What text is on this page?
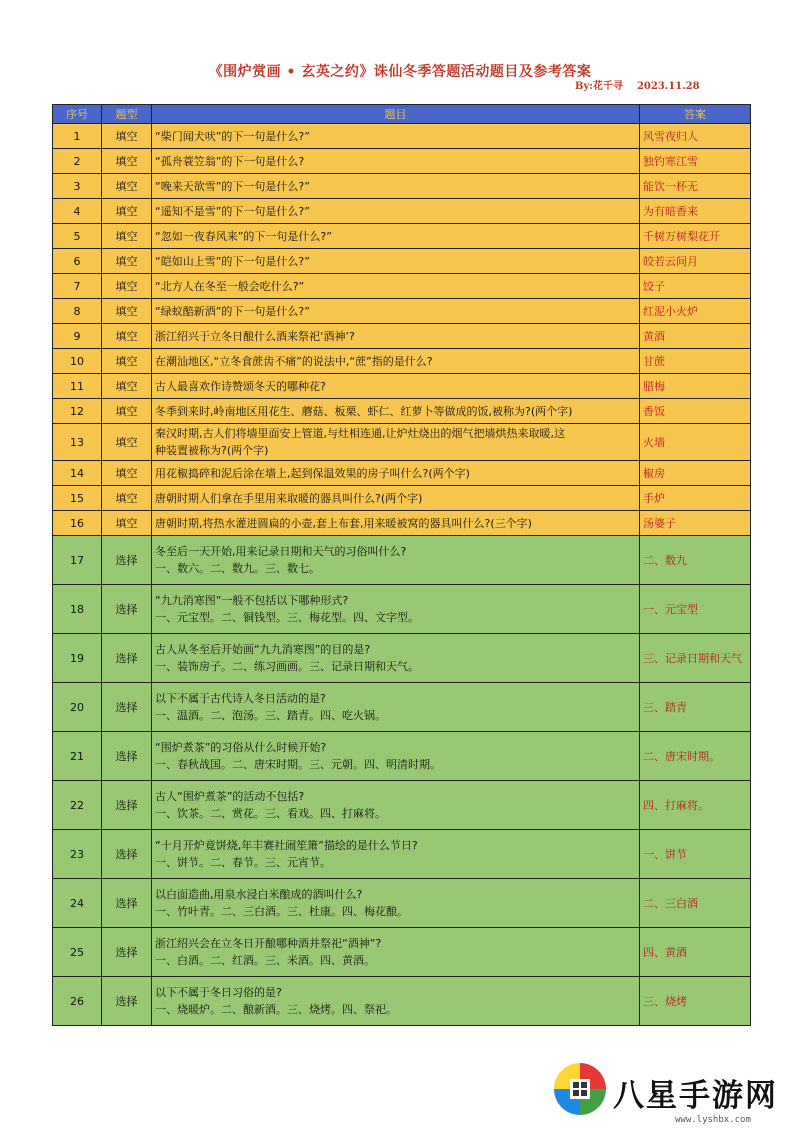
《围炉赏画 • 玄英之约》诛仙冬季答题活动题目及参考答案
By:花千寻 2023.11.28
序号	题型	题目	答案
1	填空	“柴门闻犬吠”的下一句是什么?”	风雪夜归人
2	填空	“孤舟蓑笠翁”的下一句是什么?	独钓寒江雪
3	填空	“晚来天欲雪”的下一句是什么?”	能饮一杯无
4	填空	“遥知不是雪”的下一句是什么?”	为有暗香来
5	填空	“忽如一夜春风来”的下一句是什么?”	千树万树梨花开
6	填空	“皑如山上雪”的下一句是什么?”	皎若云间月
7	填空	“北方人在冬至一般会吃什么?”	饺子
8	填空	“绿蚁醅新酒”的下一句是什么?”	红泥小火炉
9	填空	浙江绍兴于立冬日酿什么酒来祭祀‘酒神’?	黄酒
10	填空	在潮汕地区,“立冬食蔗齿不痛”的说法中,“蔗”指的是什么?	甘蔗
11	填空	古人最喜欢作诗赞颂冬天的哪种花?	腊梅
12	填空	冬季到来时,岭南地区用花生、蘑菇、板栗、虾仁、红萝卜等做成的饭,被称为?(两个字)	香饭
13	填空	秦汉时期,古人们将墙里面安上管道,与灶相连通,让炉灶烧出的烟气把墙烘热来取暖,这
种装置被称为?(两个字)	火墙
14	填空	用花椒捣碎和泥后涂在墙上,起到保温效果的房子叫什么?(两个字)	椒房
15	填空	唐朝时期人们拿在手里用来取暖的器具叫什么?(两个字)	手炉
16	填空	唐朝时期,将热水灌进圆扁的小壶,套上布套,用来暖被窝的器具叫什么?(三个字)	汤婆子
17	选择	冬至后一天开始,用来记录日期和天气的习俗叫什么?
一、数六。二、数九。三、数七。	二、数九
18	选择	“九九消寒图”一般不包括以下哪种形式?
一、元宝型。二、铜钱型。三、梅花型。四、文字型。	一、元宝型
19	选择	古人从冬至后开始画“九九消寒图”的目的是?
一、装饰房子。二、练习画画。三、记录日期和天气。	三、记录日期和天气
20	选择	以下不属于古代诗人冬日活动的是?
一、温酒。二、泡汤。三、踏青。四、吃火锅。	三、踏青
21	选择	“围炉煮茶”的习俗从什么时候开始?
一、春秋战国。二、唐宋时期。三、元朝。四、明清时期。	二、唐宋时期。
22	选择	古人“围炉煮茶”的活动不包括?
一、饮茶。二、赏花。三、看戏。四、打麻将。	四、打麻将。
23	选择	“十月开炉竟饼烧,年丰赛社闹笙箫”描绘的是什么节日?
一、饼节。二、春节。三、元宵节。	一、饼节
24	选择	以白面造曲,用泉水浸白米酿成的酒叫什么?
一、竹叶青。二、三白酒。三、杜康。四、梅花酿。	二、三白酒
25	选择	浙江绍兴会在立冬日开酿哪种酒并祭祀“酒神”?
一、白酒。二、红酒。三、米酒。四、黄酒。	四、黄酒
26	选择	以下不属于冬日习俗的是?
一、烧暖炉。二、酿新酒。三、烧烤。四、祭祀。	三、烧烤
八星手游网
www.lyshbx.com
